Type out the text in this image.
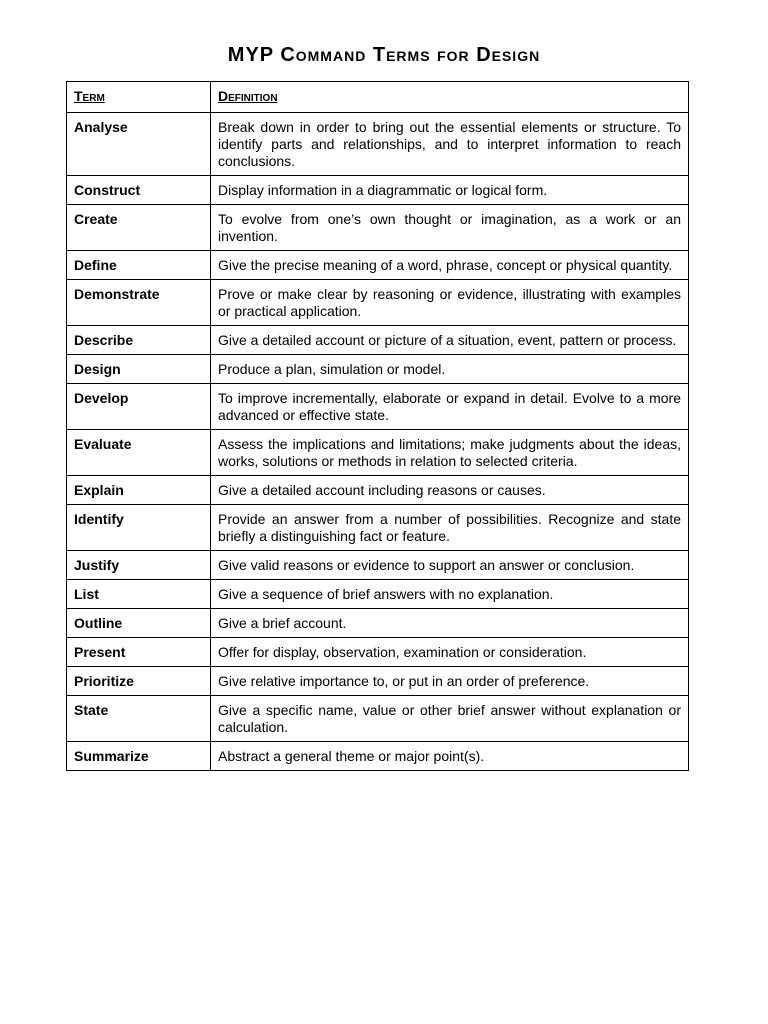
MYP Command Terms for Design
Term	Definition
Analyse	Break down in order to bring out the essential elements or structure. To identify parts and relationships, and to interpret information to reach conclusions.
Construct	Display information in a diagrammatic or logical form.
Create	To evolve from one’s own thought or imagination, as a work or an invention.
Define	Give the precise meaning of a word, phrase, concept or physical quantity.
Demonstrate	Prove or make clear by reasoning or evidence, illustrating with examples or practical application.
Describe	Give a detailed account or picture of a situation, event, pattern or process.
Design	Produce a plan, simulation or model.
Develop	To improve incrementally, elaborate or expand in detail. Evolve to a more advanced or effective state.
Evaluate	Assess the implications and limitations; make judgments about the ideas, works, solutions or methods in relation to selected criteria.
Explain	Give a detailed account including reasons or causes.
Identify	Provide an answer from a number of possibilities. Recognize and state briefly a distinguishing fact or feature.
Justify	Give valid reasons or evidence to support an answer or conclusion.
List	Give a sequence of brief answers with no explanation.
Outline	Give a brief account.
Present	Offer for display, observation, examination or consideration.
Prioritize	Give relative importance to, or put in an order of preference.
State	Give a specific name, value or other brief answer without explanation or calculation.
Summarize	Abstract a general theme or major point(s).
